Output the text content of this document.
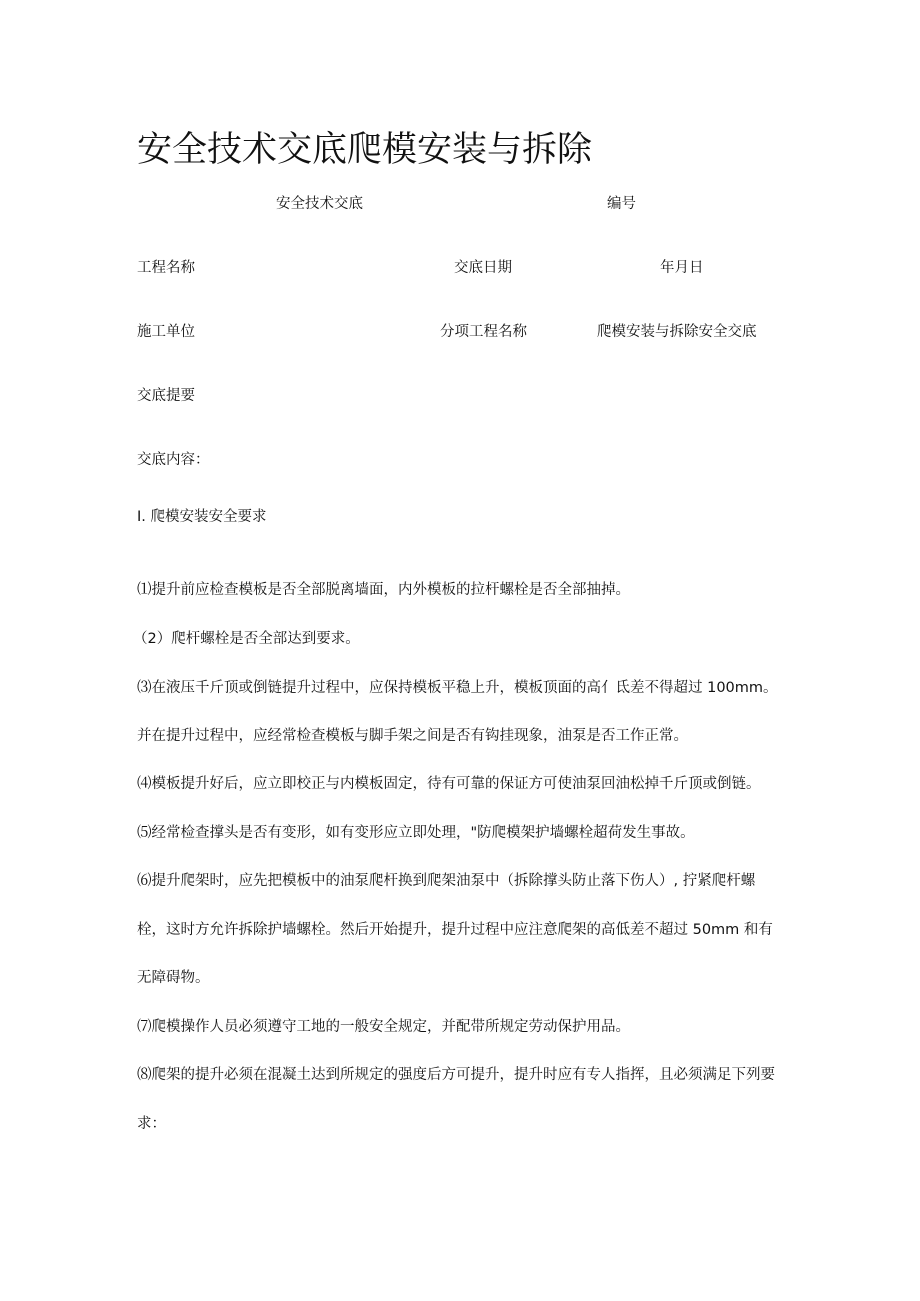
安全技术交底爬模安装与拆除
安全技术交底	编号
工程名称	交底日期	年月日
施工单位	分项工程名称	爬模安装与拆除安全交底
交底提要
交底内容：
I. 爬模安装安全要求
⑴提升前应检查模板是否全部脱离墙面，内外模板的拉杆螺栓是否全部抽掉。
（2）爬杆螺栓是否全部达到要求。
⑶在液压千斤顶或倒链提升过程中，应保持模板平稳上升，模板顶面的高亻氐差不得超过 100mm。
并在提升过程中，应经常检查模板与脚手架之间是否有钩挂现象，油泵是否工作正常。
⑷模板提升好后，应立即校正与内模板固定，待有可靠的保证方可使油泵回油松掉千斤顶或倒链。
⑸经常检查撑头是否有变形，如有变形应立即处理，"防爬模架护墙螺栓超荷发生事故。
⑹提升爬架时，应先把模板中的油泵爬杆换到爬架油泵中（拆除撑头防止落下伤人）, 拧紧爬杆螺
栓，这时方允许拆除护墙螺栓。然后开始提升，提升过程中应注意爬架的高低差不超过 50mm 和有
无障碍物。
⑺爬模操作人员必须遵守工地的一般安全规定，并配带所规定劳动保护用品。
⑻爬架的提升必须在混凝土达到所规定的强度后方可提升，提升时应有专人指挥，且必须满足下列要
求：
